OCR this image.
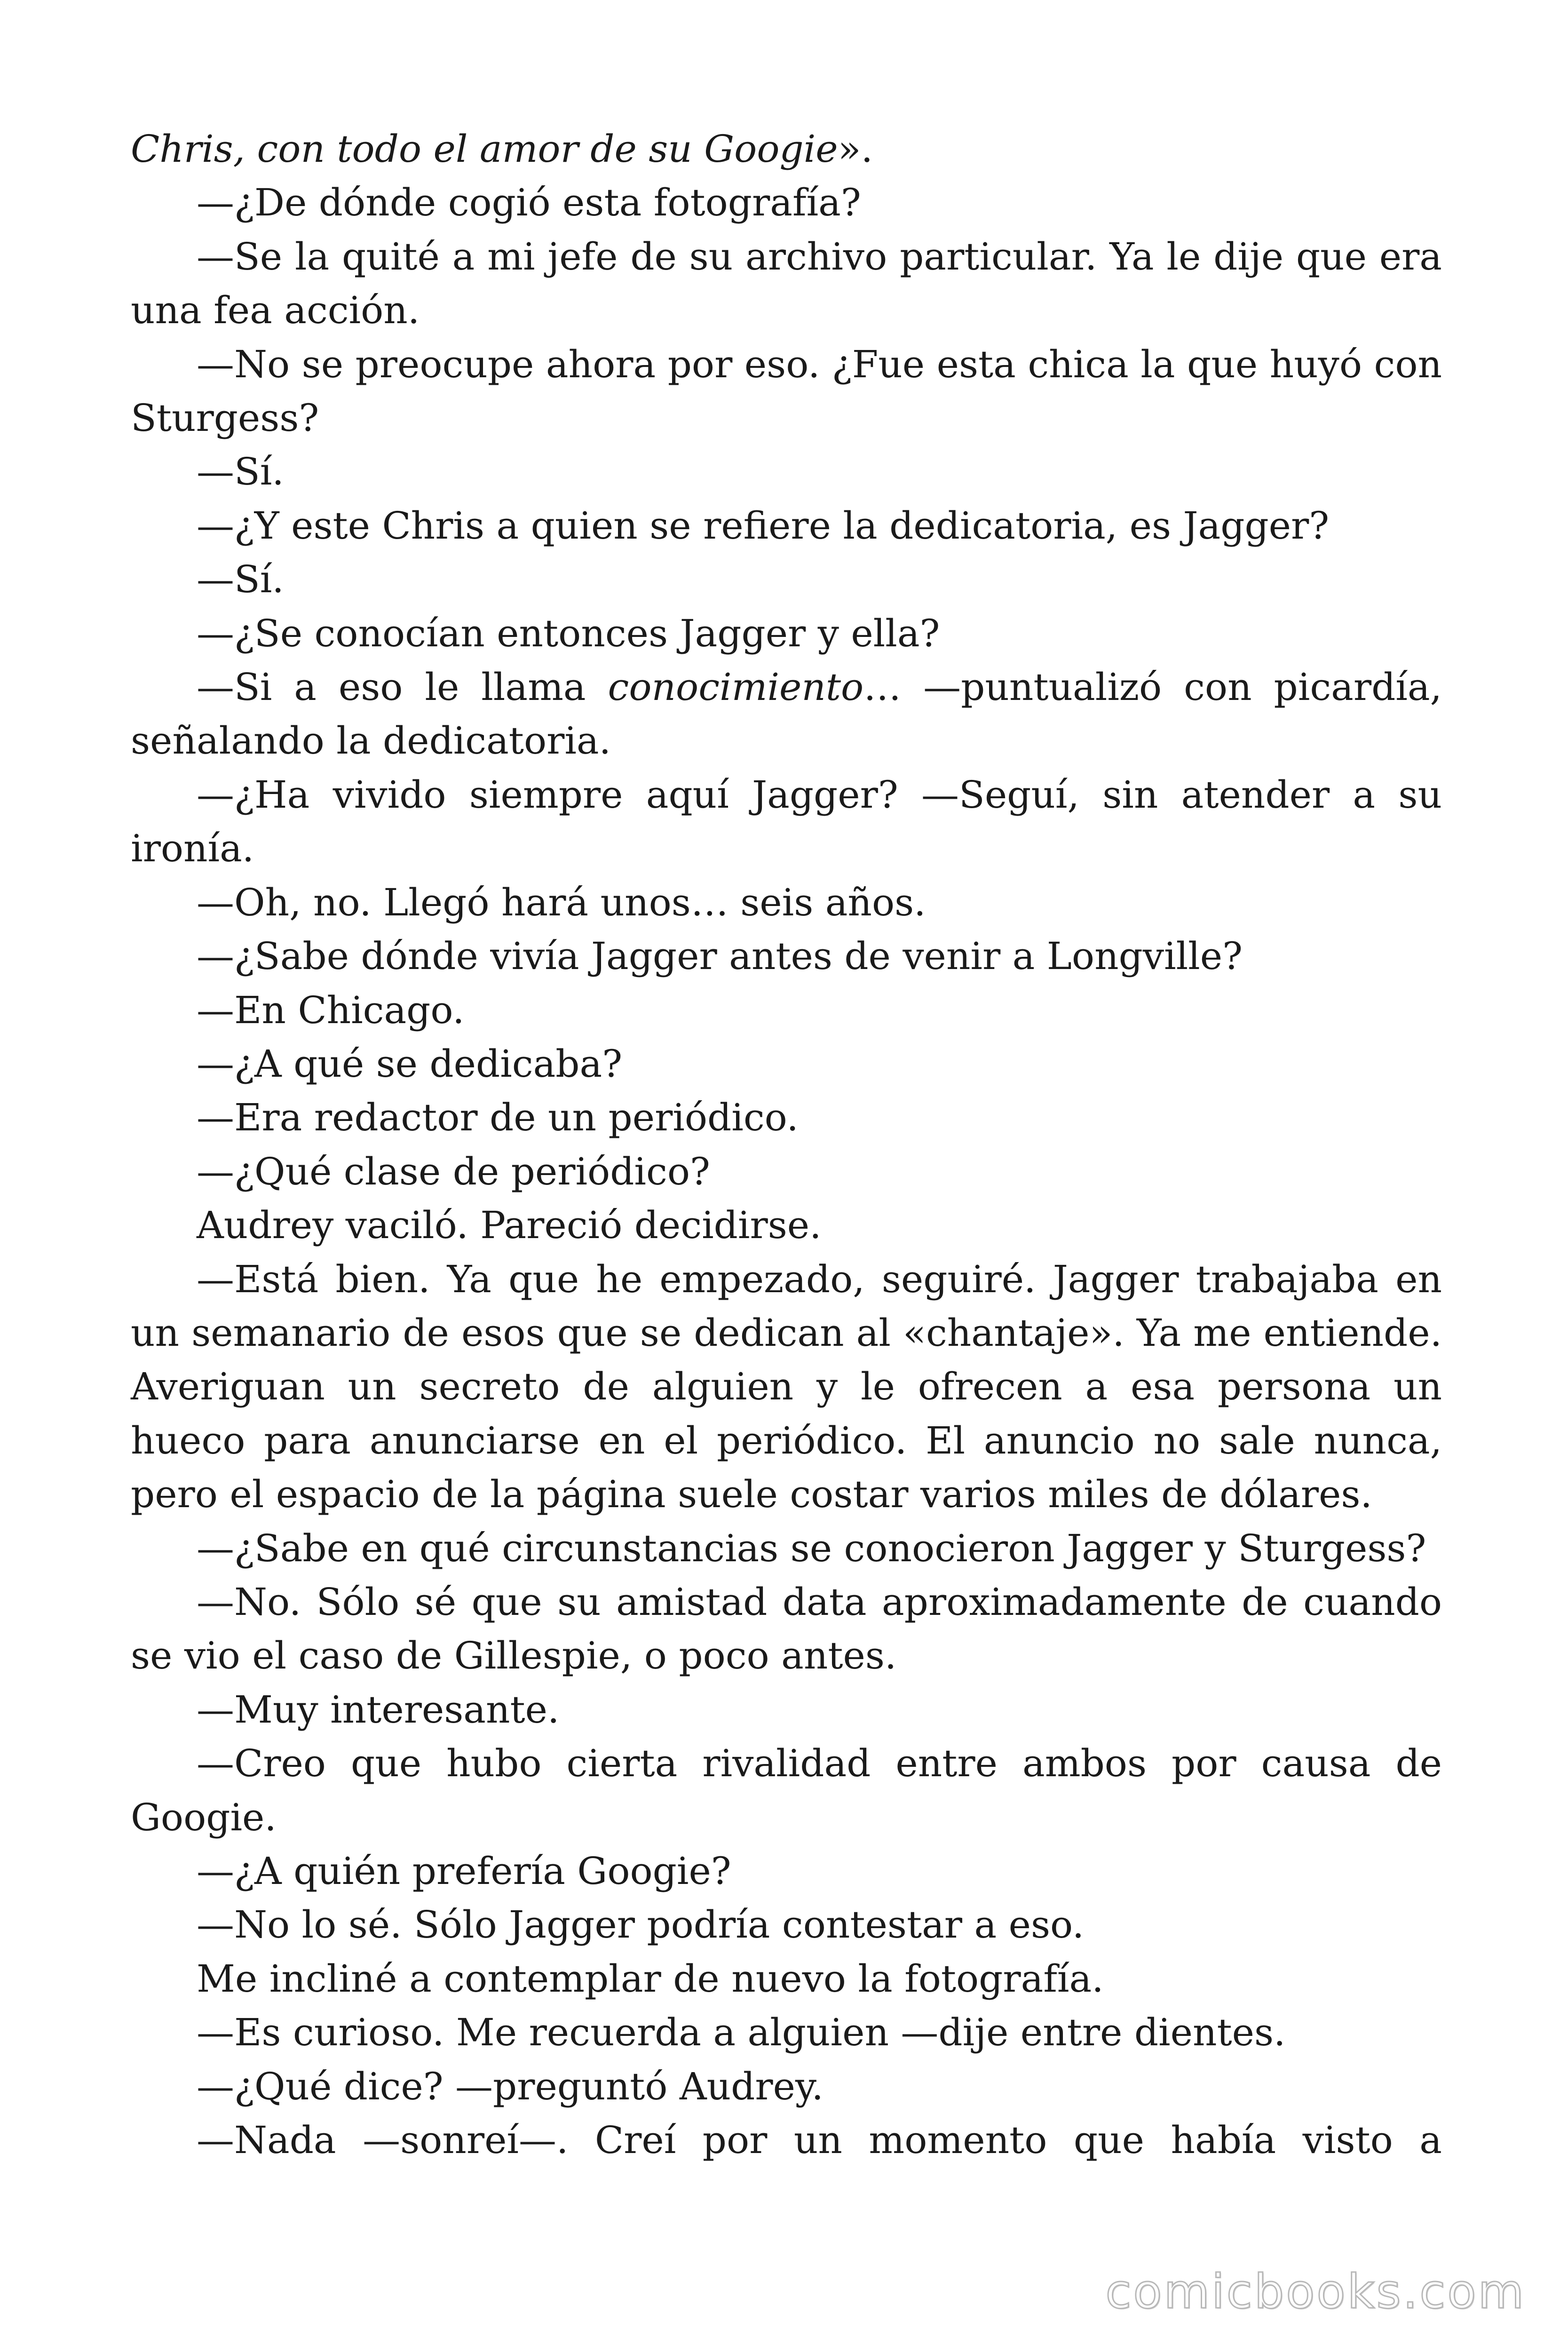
Chris, con todo el amor de su Googie».

—¿De dónde cogió esta fotografía?

—Se la quité a mi jefe de su archivo particular. Ya le dije que era una fea acción.

—No se preocupe ahora por eso. ¿Fue esta chica la que huyó con Sturgess?

—Sí.

—¿Y este Chris a quien se refiere la dedicatoria, es Jagger?

—Sí.

—¿Se conocían entonces Jagger y ella?

—Si a eso le llama conocimiento… —puntualizó con picardía, señalando la dedicatoria.

—¿Ha vivido siempre aquí Jagger? —Seguí, sin atender a su ironía.

—Oh, no. Llegó hará unos… seis años.

—¿Sabe dónde vivía Jagger antes de venir a Longville?

—En Chicago.

—¿A qué se dedicaba?

—Era redactor de un periódico.

—¿Qué clase de periódico?

Audrey vaciló. Pareció decidirse.

—Está bien. Ya que he empezado, seguiré. Jagger trabajaba en un semanario de esos que se dedican al «chantaje». Ya me entiende. Averiguan un secreto de alguien y le ofrecen a esa persona un hueco para anunciarse en el periódico. El anuncio no sale nunca, pero el espacio de la página suele costar varios miles de dólares.

—¿Sabe en qué circunstancias se conocieron Jagger y Sturgess?

—No. Sólo sé que su amistad data aproximadamente de cuando se vio el caso de Gillespie, o poco antes.

—Muy interesante.

—Creo que hubo cierta rivalidad entre ambos por causa de Googie.

—¿A quién prefería Googie?

—No lo sé. Sólo Jagger podría contestar a eso.

Me incliné a contemplar de nuevo la fotografía.

—Es curioso. Me recuerda a alguien —dije entre dientes.

—¿Qué dice? —preguntó Audrey.

—Nada —sonreí—. Creí por un momento que había visto a

comicbooks.com
